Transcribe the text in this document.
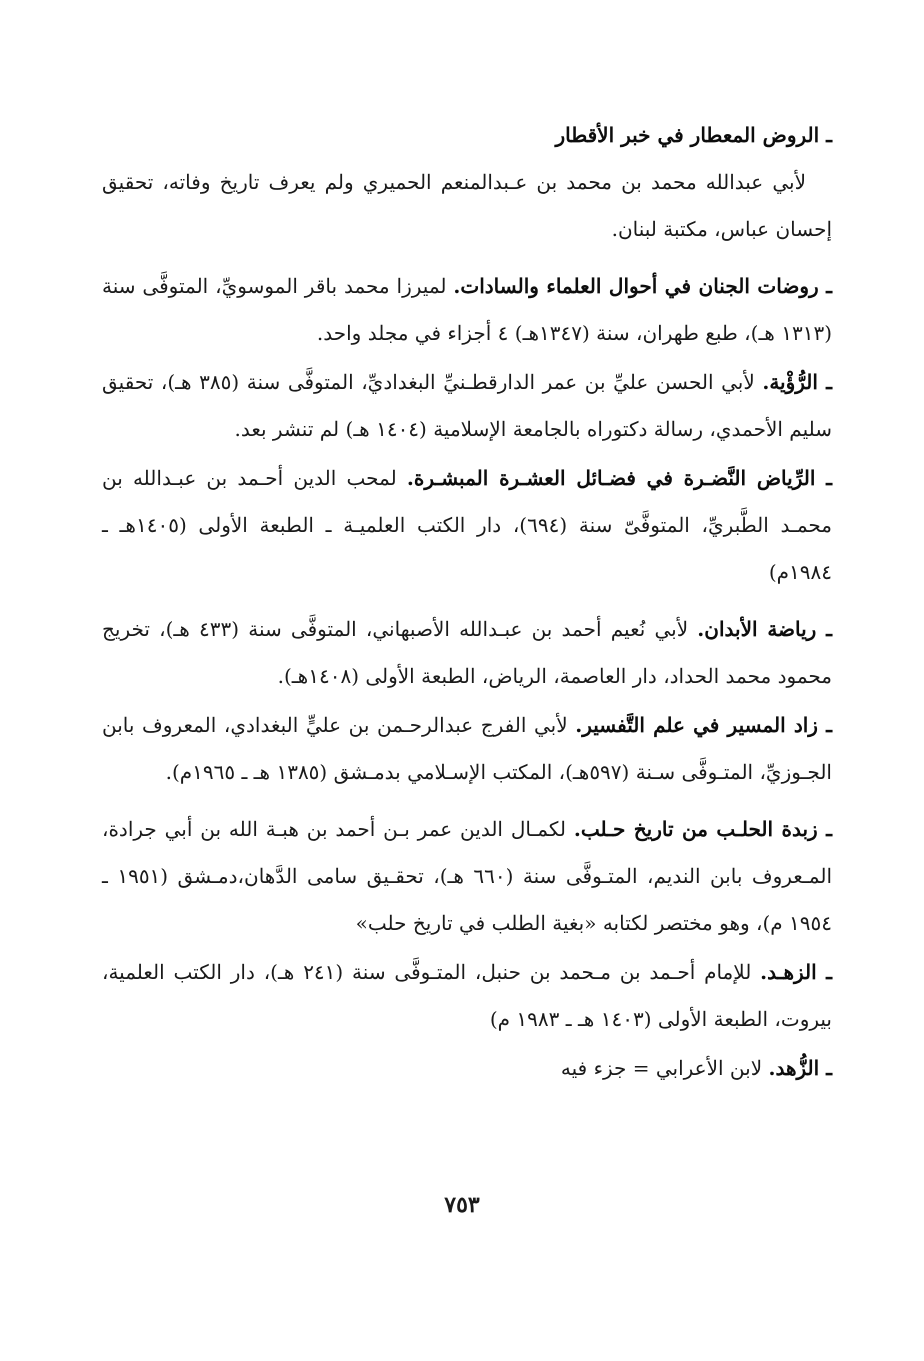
ـ الروض المعطار في خبر الأقطار
لأبي عبدالله محمد بن محمد بن عـبدالمنعم الحميري ولم يعرف تاريخ وفاته، تحقيق إحسان عباس، مكتبة لبنان.

ـ روضات الجنان في أحوال العلماء والسادات. لميرزا محمد باقر الموسويِّ، المتوفَّى سنة (١٣١٣ هـ)، طبع طهران، سنة (١٣٤٧هـ) ٤ أجزاء في مجلد واحد.

ـ الرُّؤْية. لأبي الحسن عليِّ بن عمر الدارقطـنيِّ البغداديِّ، المتوفَّى سنة (٣٨٥ هـ)، تحقيق سليم الأحمدي، رسالة دكتوراه بالجامعة الإسلامية (١٤٠٤ هـ) لم تنشر بعد.

ـ الرِّياض النَّضـرة في فضـائل العشـرة المبشـرة. لمحب الدين أحـمد بن عبـدالله بن محمـد الطَّبريِّ، المتوفَّىّ سنة (٦٩٤)، دار الكتب العلميـة ـ الطبعة الأولى (١٤٠٥هـ ـ ١٩٨٤م)

ـ رياضة الأبدان. لأبي نُعيم أحمد بن عبـدالله الأصبهاني، المتوفَّى سنة (٤٣٣ هـ)، تخريج محمود محمد الحداد، دار العاصمة، الرياض، الطبعة الأولى (١٤٠٨هـ).

ـ زاد المسير في علم التَّفسير. لأبي الفرج عبدالرحـمن بن عليٍّ البغدادي، المعروف بابن الجـوزيِّ، المتـوفَّى سـنة (٥٩٧هـ)، المكتب الإسـلامي بدمـشق (١٣٨٥ هـ ـ ١٩٦٥م).

ـ زبدة الحلـب من تاريخ حـلب. لكمـال الدين عمر بـن أحمد بن هبـة الله بن أبي جرادة، المـعروف بابن النديم، المتـوفَّى سنة (٦٦٠ هـ)، تحقـيق سامى الدَّهان،دمـشق (١٩٥١ ـ ١٩٥٤ م)، وهو مختصر لكتابه «بغية الطلب في تاريخ حلب»

ـ الزهـد. للإمام أحـمد بن مـحمد بن حنبل، المتـوفَّى سنة (٢٤١ هـ)، دار الكتب العلمية، بيروت، الطبعة الأولى (١٤٠٣ هـ ـ ١٩٨٣ م)

ـ الزُّهد. لابن الأعرابي = جزء فيه

٧٥٣
